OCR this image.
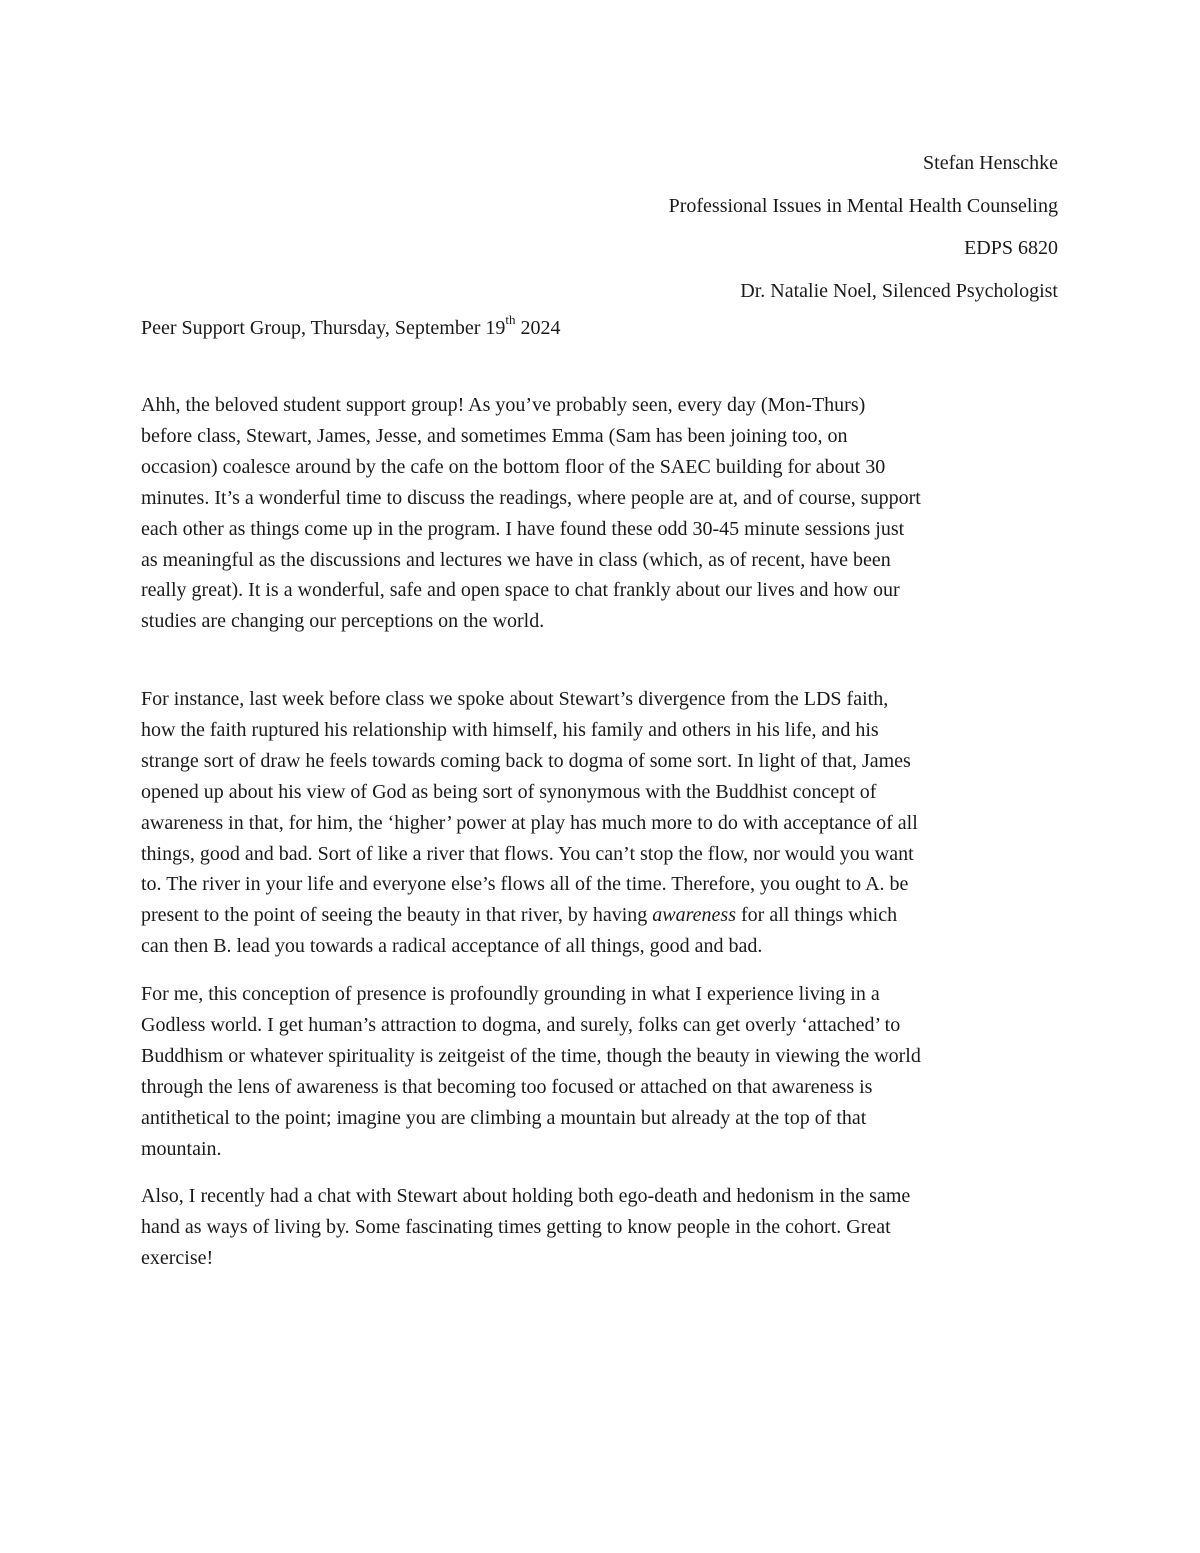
Stefan Henschke
Professional Issues in Mental Health Counseling
EDPS 6820
Dr. Natalie Noel, Silenced Psychologist
Peer Support Group, Thursday, September 19th 2024
Ahh, the beloved student support group! As you’ve probably seen, every day (Mon-Thurs)
before class, Stewart, James, Jesse, and sometimes Emma (Sam has been joining too, on
occasion) coalesce around by the cafe on the bottom floor of the SAEC building for about 30
minutes. It’s a wonderful time to discuss the readings, where people are at, and of course, support
each other as things come up in the program. I have found these odd 30-45 minute sessions just
as meaningful as the discussions and lectures we have in class (which, as of recent, have been
really great). It is a wonderful, safe and open space to chat frankly about our lives and how our
studies are changing our perceptions on the world.
For instance, last week before class we spoke about Stewart’s divergence from the LDS faith,
how the faith ruptured his relationship with himself, his family and others in his life, and his
strange sort of draw he feels towards coming back to dogma of some sort. In light of that, James
opened up about his view of God as being sort of synonymous with the Buddhist concept of
awareness in that, for him, the ‘higher’ power at play has much more to do with acceptance of all
things, good and bad. Sort of like a river that flows. You can’t stop the flow, nor would you want
to. The river in your life and everyone else’s flows all of the time. Therefore, you ought to A. be
present to the point of seeing the beauty in that river, by having awareness for all things which
can then B. lead you towards a radical acceptance of all things, good and bad.
For me, this conception of presence is profoundly grounding in what I experience living in a
Godless world. I get human’s attraction to dogma, and surely, folks can get overly ‘attached’ to
Buddhism or whatever spirituality is zeitgeist of the time, though the beauty in viewing the world
through the lens of awareness is that becoming too focused or attached on that awareness is
antithetical to the point; imagine you are climbing a mountain but already at the top of that
mountain.
Also, I recently had a chat with Stewart about holding both ego-death and hedonism in the same
hand as ways of living by. Some fascinating times getting to know people in the cohort. Great
exercise!
